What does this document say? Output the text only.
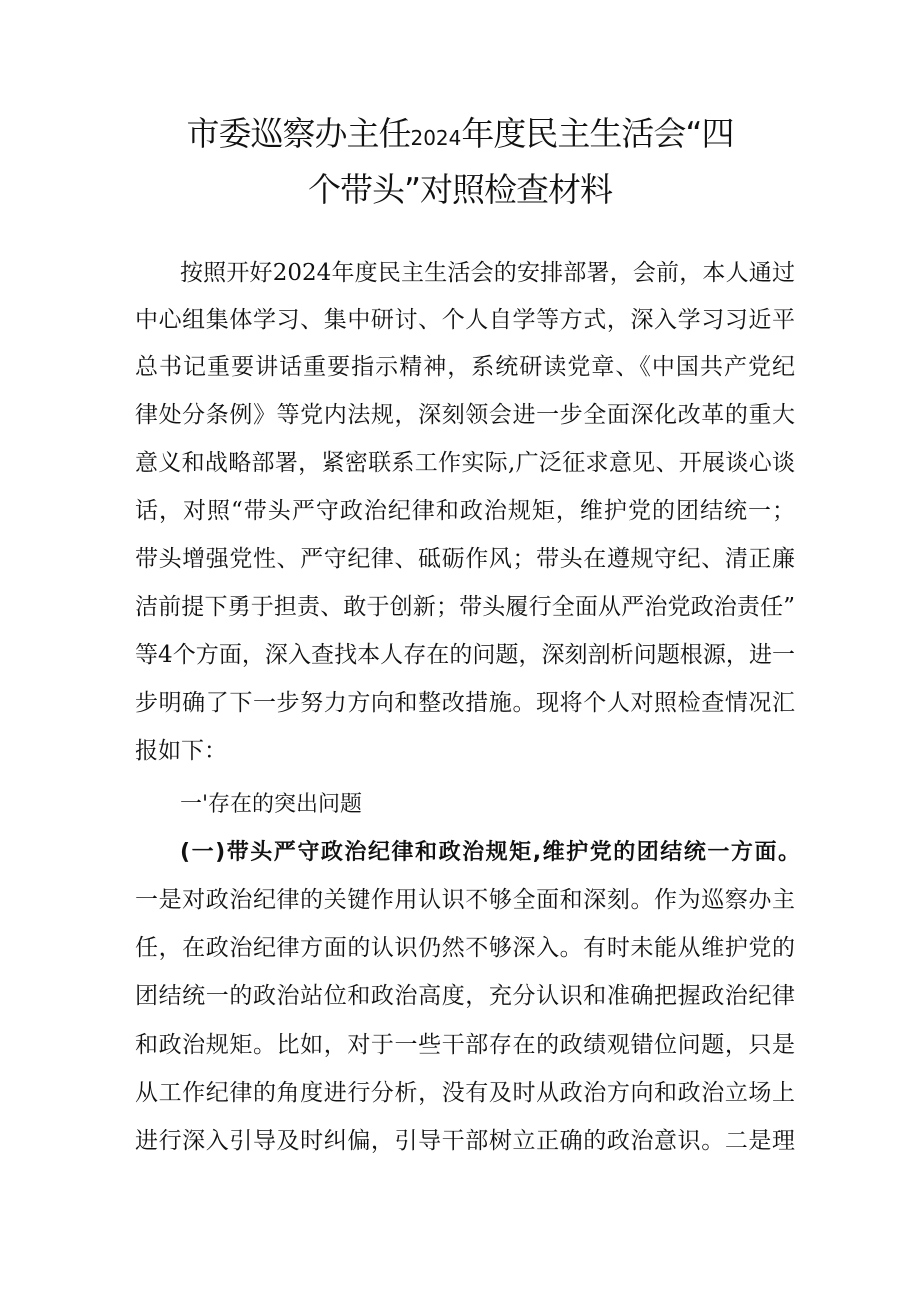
市委巡察办主任2024年度民主生活会“四
个带头”对照检查材料
按照开好2024年度民主生活会的安排部署，会前，本人通过
中心组集体学习、集中研讨、个人自学等方式，深入学习习近平
总书记重要讲话重要指示精神，系统研读党章、《中国共产党纪
律处分条例》等党内法规，深刻领会进一步全面深化改革的重大
意义和战略部署，紧密联系工作实际,广泛征求意见、开展谈心谈
话，对照“带头严守政治纪律和政治规矩，维护党的团结统一；
带头增强党性、严守纪律、砥砺作风；带头在遵规守纪、清正廉
洁前提下勇于担责、敢于创新；带头履行全面从严治党政治责任”
等4个方面，深入查找本人存在的问题，深刻剖析问题根源，进一
步明确了下一步努力方向和整改措施。现将个人对照检查情况汇
报如下：
一'存在的突出问题
(一)带头严守政治纪律和政治规矩,维护党的团结统一方面。
一是对政治纪律的关键作用认识不够全面和深刻。作为巡察办主
任，在政治纪律方面的认识仍然不够深入。有时未能从维护党的
团结统一的政治站位和政治高度，充分认识和准确把握政治纪律
和政治规矩。比如，对于一些干部存在的政绩观错位问题，只是
从工作纪律的角度进行分析，没有及时从政治方向和政治立场上
进行深入引导及时纠偏，引导干部树立正确的政治意识。二是理
